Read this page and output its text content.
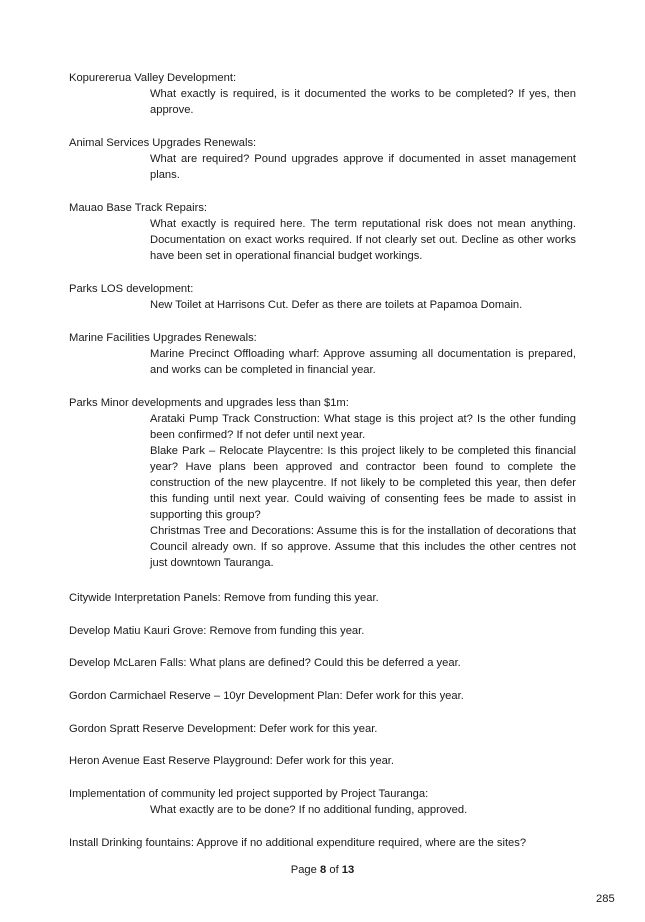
Kopurererua Valley Development:
What exactly is required, is it documented the works to be completed? If yes, then approve.
Animal Services Upgrades Renewals:
What are required? Pound upgrades approve if documented in asset management plans.
Mauao Base Track Repairs:
What exactly is required here. The term reputational risk does not mean anything. Documentation on exact works required. If not clearly set out. Decline as other works have been set in operational financial budget workings.
Parks LOS development:
New Toilet at Harrisons Cut. Defer as there are toilets at Papamoa Domain.
Marine Facilities Upgrades Renewals:
Marine Precinct Offloading wharf: Approve assuming all documentation is prepared, and works can be completed in financial year.
Parks Minor developments and upgrades less than $1m:
Arataki Pump Track Construction: What stage is this project at? Is the other funding been confirmed? If not defer until next year.
Blake Park – Relocate Playcentre: Is this project likely to be completed this financial year? Have plans been approved and contractor been found to complete the construction of the new playcentre. If not likely to be completed this year, then defer this funding until next year. Could waiving of consenting fees be made to assist in supporting this group?
Christmas Tree and Decorations: Assume this is for the installation of decorations that Council already own. If so approve. Assume that this includes the other centres not just downtown Tauranga.
Citywide Interpretation Panels: Remove from funding this year.
Develop Matiu Kauri Grove: Remove from funding this year.
Develop McLaren Falls: What plans are defined? Could this be deferred a year.
Gordon Carmichael Reserve – 10yr Development Plan: Defer work for this year.
Gordon Spratt Reserve Development: Defer work for this year.
Heron Avenue East Reserve Playground: Defer work for this year.
Implementation of community led project supported by Project Tauranga:
What exactly are to be done? If no additional funding, approved.
Install Drinking fountains: Approve if no additional expenditure required, where are the sites?
Page 8 of 13
285
